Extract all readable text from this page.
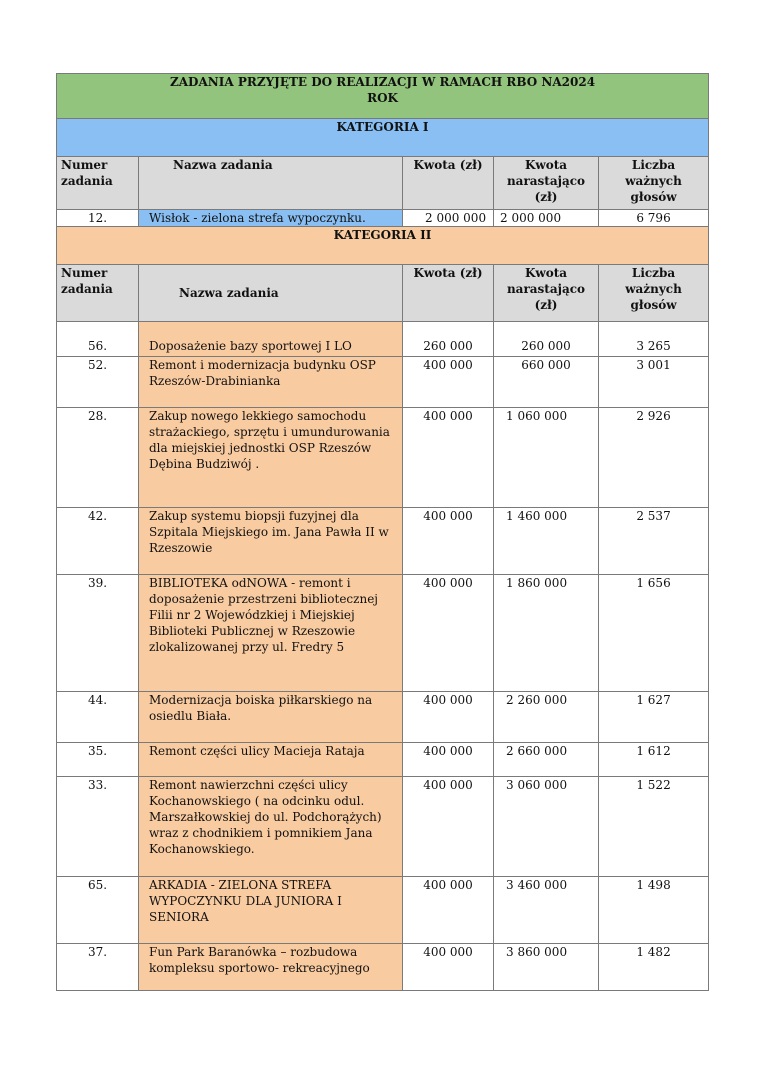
ZADANIA PRZYJĘTE DO REALIZACJI W RAMACH RBO NA2024
ROK				

KATEGORIA I				
Numer zadania	Nazwa zadania	Kwota (zł)	Kwota narastająco (zł)	Liczba ważnych głosów
12.	Wisłok - zielona strefa wypoczynku.	2 000 000	2 000 000	6 796
KATEGORIA II				
Numer zadania	Nazwa zadania	Kwota (zł)	Kwota narastająco (zł)	Liczba ważnych głosów
56.	Doposażenie bazy sportowej I LO	260 000	260 000	3 265
52.	Remont i modernizacja budynku OSP Rzeszów-Drabinianka	400 000	660 000	3 001
28.	Zakup nowego lekkiego samochodu strażackiego, sprzętu i umundurowania dla miejskiej jednostki OSP Rzeszów Dębina Budziwój .	400 000	1 060 000	2 926
42.	Zakup systemu biopsji fuzyjnej dla Szpitala Miejskiego im. Jana Pawła II w Rzeszowie	400 000	1 460 000	2 537
39.	BIBLIOTEKA odNOWA - remont i doposażenie przestrzeni bibliotecznej Filii nr 2 Wojewódzkiej i Miejskiej Biblioteki Publicznej w Rzeszowie zlokalizowanej przy ul. Fredry 5	400 000	1 860 000	1 656
44.	Modernizacja boiska piłkarskiego na osiedlu Biała.	400 000	2 260 000	1 627
35.	Remont części ulicy Macieja Rataja	400 000	2 660 000	1 612
33.	Remont nawierzchni części ulicy Kochanowskiego ( na odcinku odul. Marszałkowskiej do ul. Podchorążych) wraz z chodnikiem i pomnikiem Jana Kochanowskiego.	400 000	3 060 000	1 522
65.	ARKADIA - ZIELONA STREFA WYPOCZYNKU DLA JUNIORA I SENIORA	400 000	3 460 000	1 498
37.	Fun Park Baranówka – rozbudowa kompleksu sportowo- rekreacyjnego	400 000	3 860 000	1 482
